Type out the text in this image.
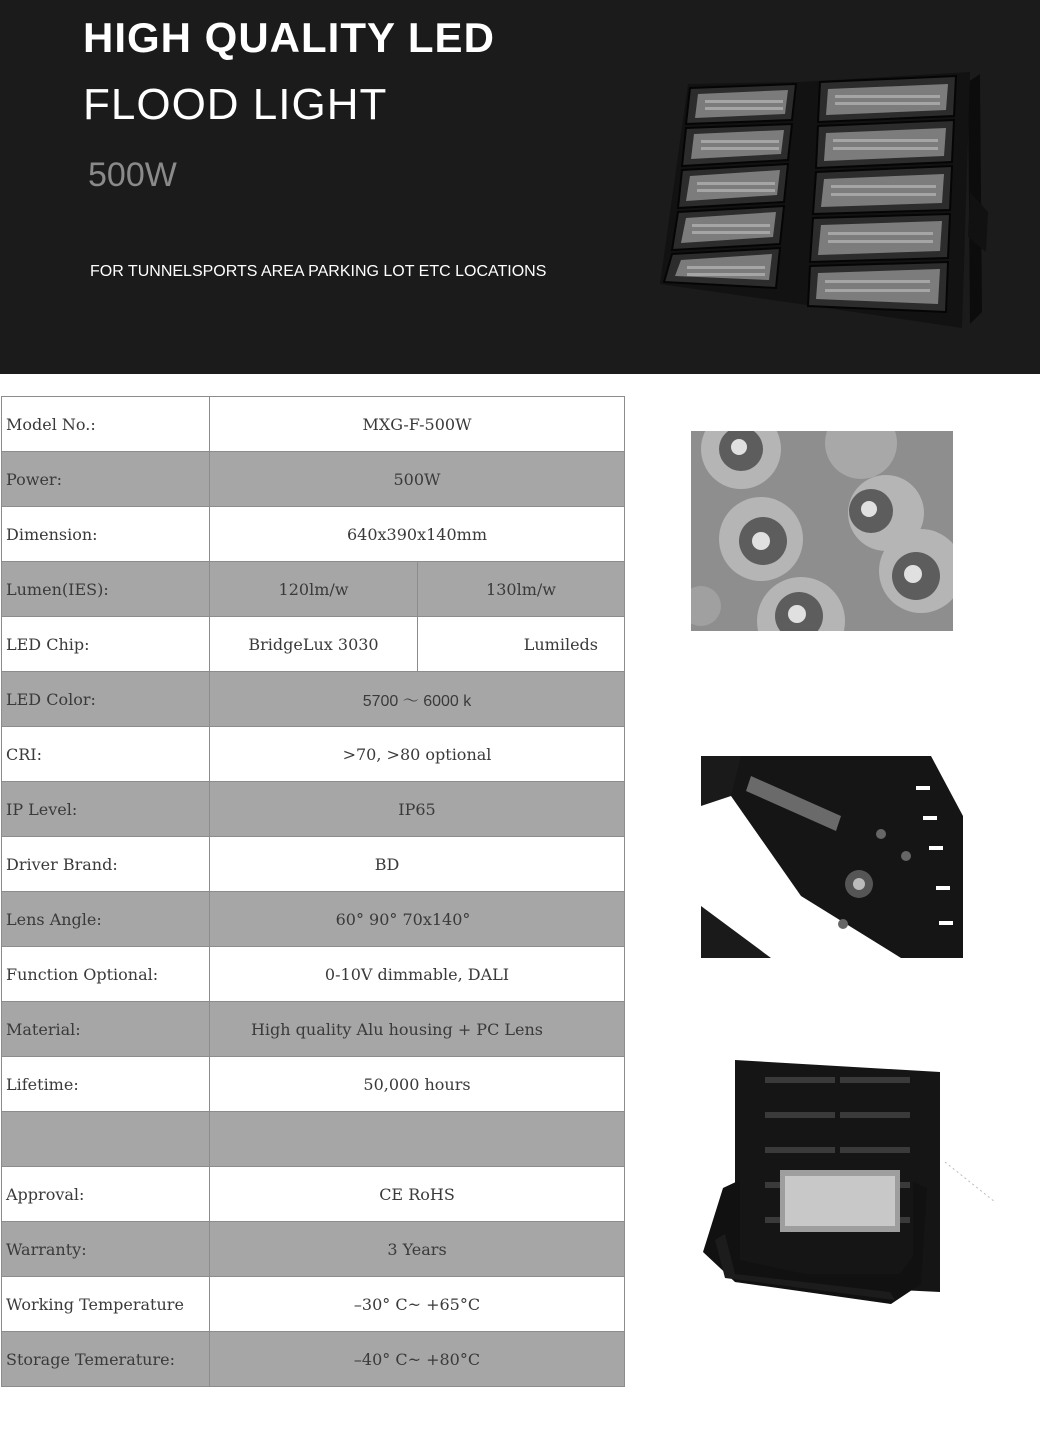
HIGH QUALITY LED
FLOOD LIGHT
500W
FOR TUNNELSPORTS AREA PARKING LOT ETC LOCATIONS
Model No.:	MⅩG-F-500W	
Power:	500W	
Dimension:	640x390x140mm	
Lumen(IES):	120lm/w	130lm/w
LED Chip:	BridgeLux 3030	Lumileds
LED Color:	5700 ～ 6000 k	
CRI:	>70, >80 optional	
IP Level:	IP65	
Driver Brand:	BD	
Lens Angle:	60° 90° 70x140°	
Function Optional:	0-10V dimmable, DALI	
Material:	High quality Alu housing + PC Lens	
Lifetime:	50,000 hours	

Approval:	CE RoHS	
Warranty:	3 Years	
Working Temperature	–30° C~ +65°C	
Storage Temerature:	–40° C~ +80°C	
